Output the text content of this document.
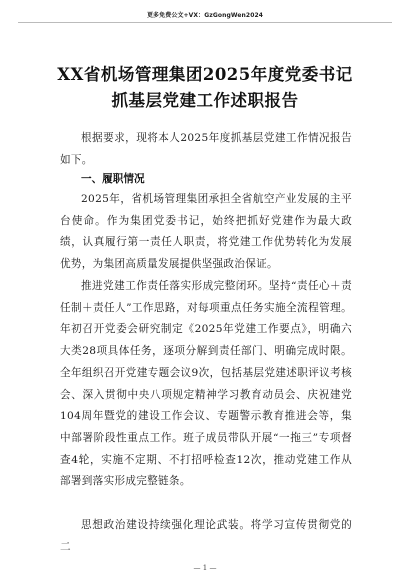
更多免费公文+VX：GzGongWen2024
XX省机场管理集团2025年度党委书记抓基层党建工作述职报告
根据要求，现将本人2025年度抓基层党建工作情况报告如下。
一、履职情况
2025年，省机场管理集团承担全省航空产业发展的主平台使命。作为集团党委书记，始终把抓好党建作为最大政绩，认真履行第一责任人职责，将党建工作优势转化为发展优势，为集团高质量发展提供坚强政治保证。
推进党建工作责任落实形成完整闭环。坚持“责任心＋责任制＋责任人”工作思路，对每项重点任务实施全流程管理。年初召开党委会研究制定《2025年党建工作要点》，明确六大类28项具体任务，逐项分解到责任部门、明确完成时限。全年组织召开党建专题会议9次，包括基层党建述职评议考核会、深入贯彻中央八项规定精神学习教育动员会、庆祝建党104周年暨党的建设工作会议、专题警示教育推进会等，集中部署阶段性重点工作。班子成员带队开展“一拖三”专项督查4轮，实施不定期、不打招呼检查12次，推动党建工作从部署到落实形成完整链条。
思想政治建设持续强化理论武装。将学习宣传贯彻党的二
— 1 —
